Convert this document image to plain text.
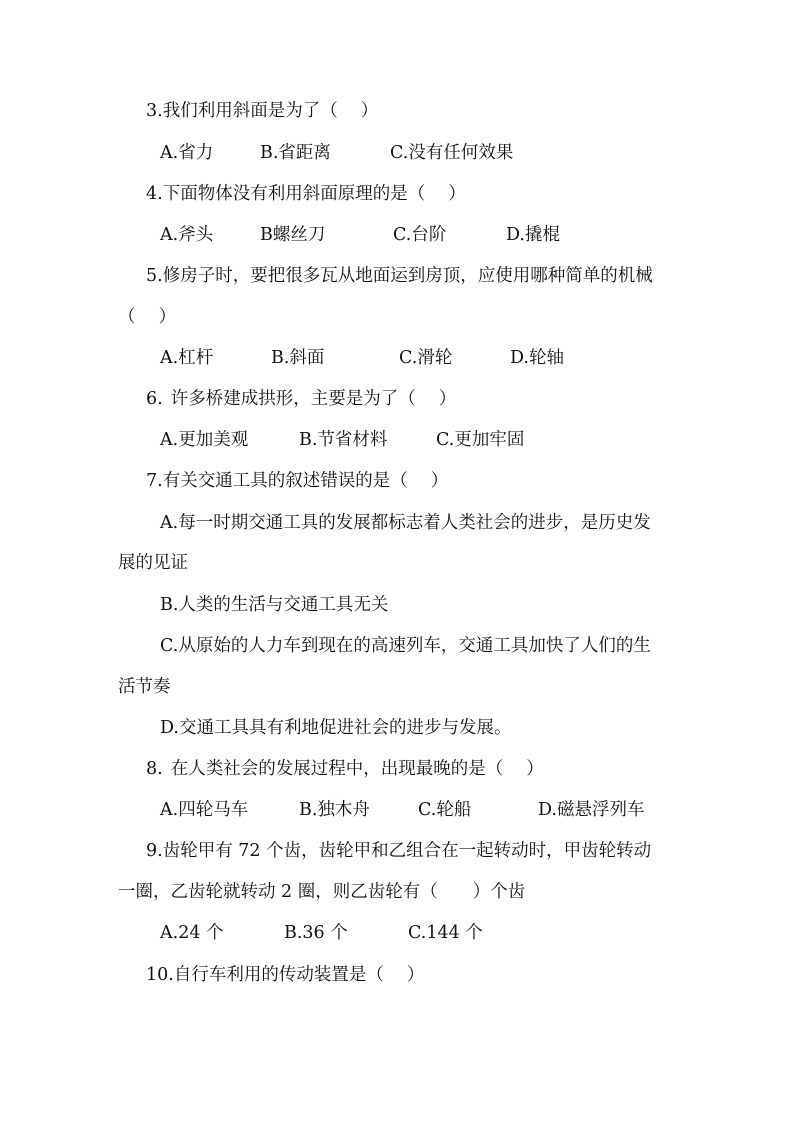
3.我们利用斜面是为了（　 ）
A.省力	B.省距离	C.没有任何效果
4.下面物体没有利用斜面原理的是（　 ）
A.斧头	B螺丝刀	C.台阶	D.撬棍
5.修房子时，要把很多瓦从地面运到房顶，应使用哪种简单的机械
（　 ）
A.杠杆	B.斜面	C.滑轮	D.轮轴
6. 许多桥建成拱形，主要是为了（　 ）
A.更加美观	B.节省材料	C.更加牢固
7.有关交通工具的叙述错误的是（　 ）
A.每一时期交通工具的发展都标志着人类社会的进步，是历史发
展的见证
B.人类的生活与交通工具无关
C.从原始的人力车到现在的高速列车，交通工具加快了人们的生
活节奏
D.交通工具具有利地促进社会的进步与发展。
8. 在人类社会的发展过程中，出现最晚的是（　 ）
A.四轮马车	B.独木舟	C.轮船	D.磁悬浮列车
9.齿轮甲有 72 个齿，齿轮甲和乙组合在一起转动时，甲齿轮转动
一圈，乙齿轮就转动 2 圈，则乙齿轮有（　　）个齿
A.24 个	B.36 个	C.144 个
10.自行车利用的传动装置是（　 ）
